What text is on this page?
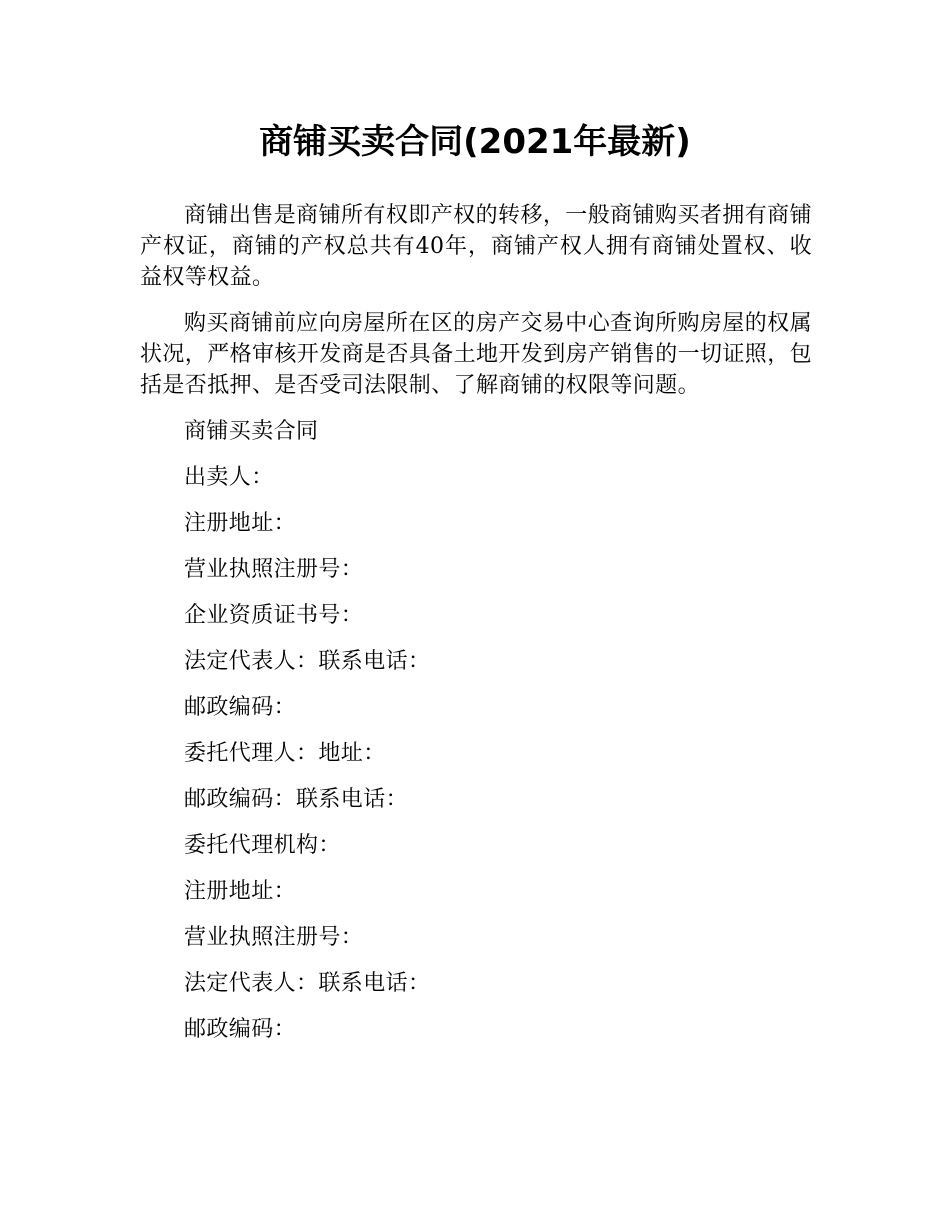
商铺买卖合同(2021年最新)

商铺出售是商铺所有权即产权的转移，一般商铺购买者拥有商铺产权证，商铺的产权总共有40年，商铺产权人拥有商铺处置权、收益权等权益。

购买商铺前应向房屋所在区的房产交易中心查询所购房屋的权属状况，严格审核开发商是否具备土地开发到房产销售的一切证照，包括是否抵押、是否受司法限制、了解商铺的权限等问题。

商铺买卖合同

出卖人：

注册地址：

营业执照注册号：

企业资质证书号：

法定代表人：联系电话：

邮政编码：

委托代理人：地址：

邮政编码：联系电话：

委托代理机构：

注册地址：

营业执照注册号：

法定代表人：联系电话：

邮政编码：
